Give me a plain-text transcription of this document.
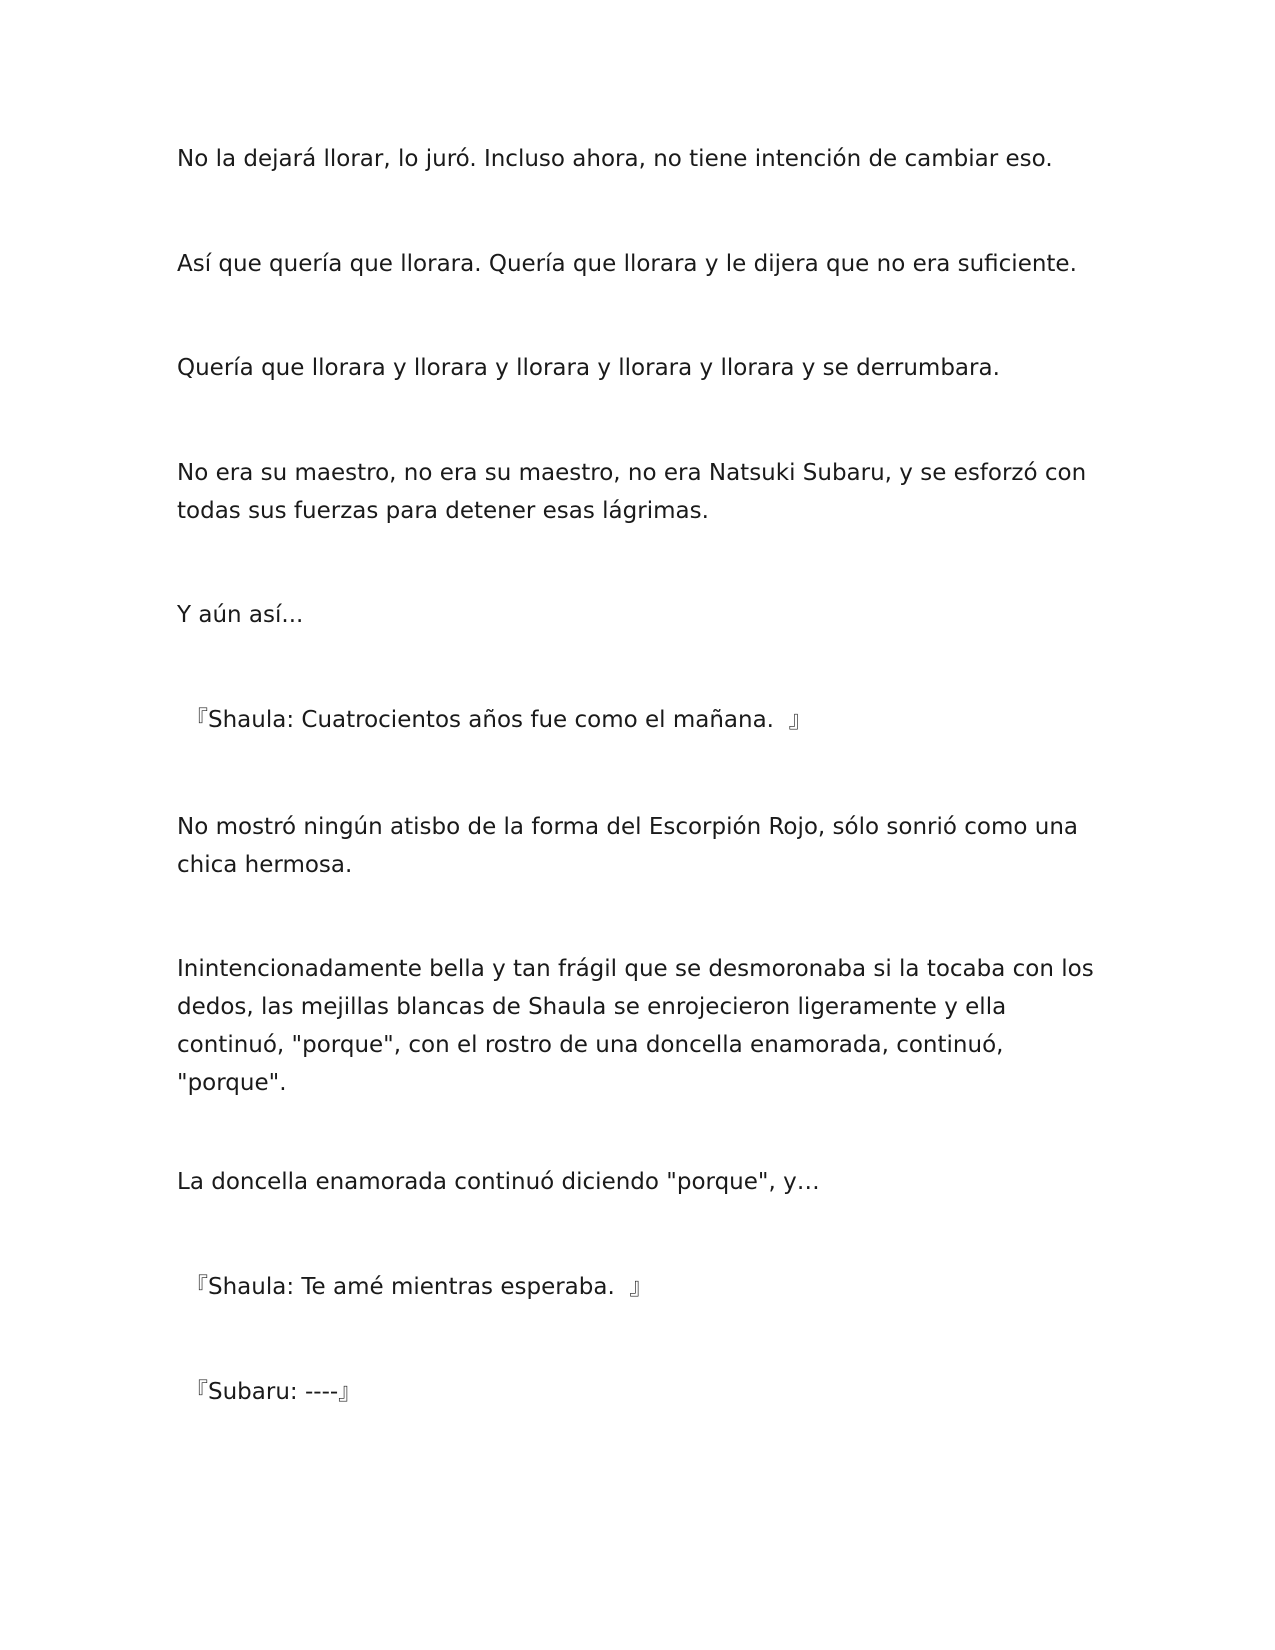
No la dejará llorar, lo juró. Incluso ahora, no tiene intención de cambiar eso.

Así que quería que llorara. Quería que llorara y le dijera que no era suficiente.

Quería que llorara y llorara y llorara y llorara y llorara y se derrumbara.

No era su maestro, no era su maestro, no era Natsuki Subaru, y se esforzó con todas sus fuerzas para detener esas lágrimas.

Y aún así...

『Shaula: Cuatrocientos años fue como el mañana.  』

No mostró ningún atisbo de la forma del Escorpión Rojo, sólo sonrió como una chica hermosa.

Inintencionadamente bella y tan frágil que se desmoronaba si la tocaba con los dedos, las mejillas blancas de Shaula se enrojecieron ligeramente y ella continuó, "porque", con el rostro de una doncella enamorada, continuó, "porque".

La doncella enamorada continuó diciendo "porque", y…

『Shaula: Te amé mientras esperaba.  』

『Subaru: ----』
